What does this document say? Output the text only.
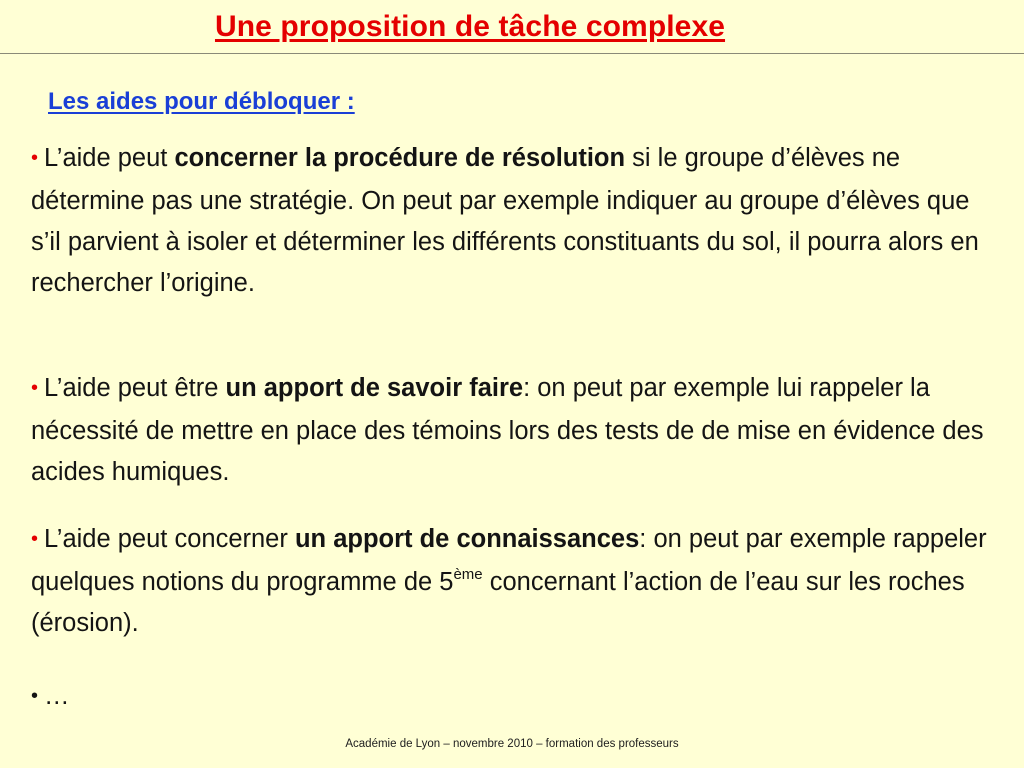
Une proposition de tâche complexe
Les aides pour débloquer :
• L’aide peut concerner la procédure de résolution si le groupe d’élèves ne détermine pas une stratégie. On peut par exemple indiquer au groupe d’élèves que s’il parvient à isoler et déterminer les différents constituants du sol, il pourra alors en rechercher l’origine.
• L’aide peut être un apport de savoir faire: on peut par exemple lui rappeler la nécessité de mettre en place des témoins lors des tests de de mise en évidence des acides humiques.
• L’aide peut concerner un apport de connaissances: on peut par exemple rappeler quelques notions du programme de 5ème concernant l’action de l’eau sur les roches (érosion).
• …
Académie de Lyon – novembre 2010 – formation des professeurs
